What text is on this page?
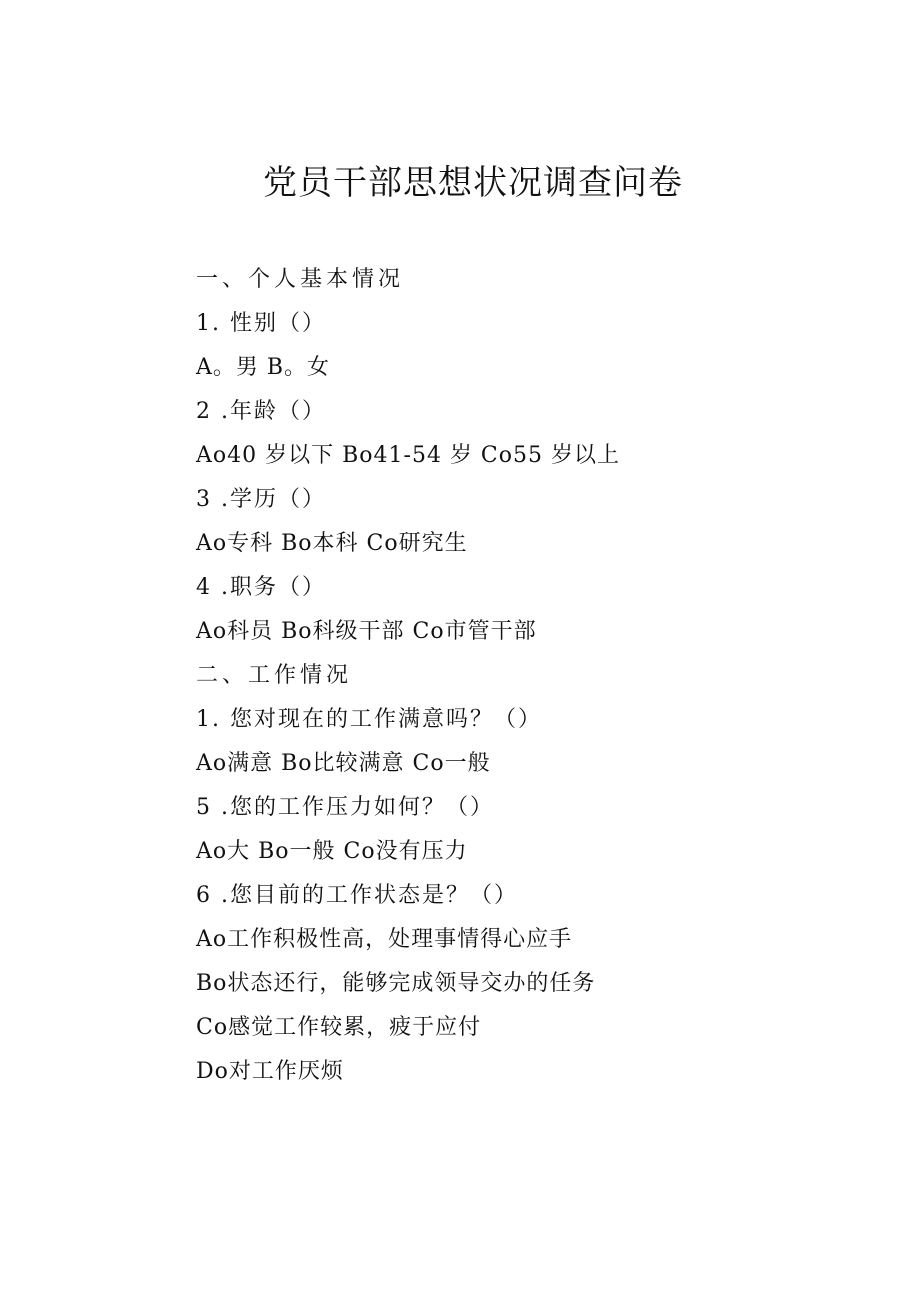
党员干部思想状况调查问卷
一、个人基本情况
1. 性别（）
A。男 B。女
2 .年龄（）
Ao40 岁以下 Bo41-54 岁 Co55 岁以上
3 .学历（）
Ao专科 Bo本科 Co研究生
4 .职务（）
Ao科员 Bo科级干部 Co市管干部
二、工作情况
1. 您对现在的工作满意吗？（）
Ao满意 Bo比较满意 Co一般
5 .您的工作压力如何？（）
Ao大 Bo一般 Co没有压力
6 .您目前的工作状态是？（）
Ao工作积极性高，处理事情得心应手
Bo状态还行，能够完成领导交办的任务
Co感觉工作较累，疲于应付
Do对工作厌烦
